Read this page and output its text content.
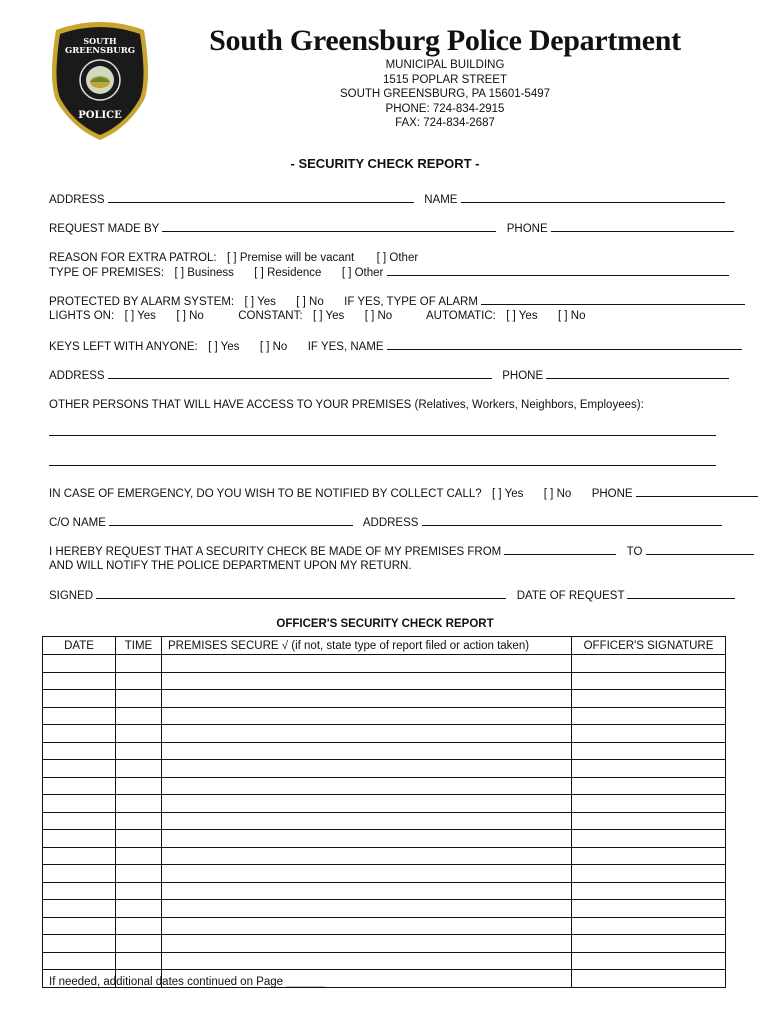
SOUTH
GREENSBURG
POLICE
South Greensburg Police Department
MUNICIPAL BUILDING
1515 POPLAR STREET
SOUTH GREENSBURG, PA 15601-5497
PHONE: 724-834-2915
FAX: 724-834-2687
- SECURITY CHECK REPORT -
ADDRESS	NAME
REQUEST MADE BY	PHONE
REASON FOR EXTRA PATROL: [ ] Premise will be vacant [ ] Other
TYPE OF PREMISES: [ ] Business [ ] Residence [ ] Other
PROTECTED BY ALARM SYSTEM: [ ] Yes [ ] No IF YES, TYPE OF ALARM
LIGHTS ON: [ ] Yes [ ] No	CONSTANT: [ ] Yes [ ] No	AUTOMATIC: [ ] Yes [ ] No
KEYS LEFT WITH ANYONE: [ ] Yes [ ] No IF YES, NAME
ADDRESS	PHONE
OTHER PERSONS THAT WILL HAVE ACCESS TO YOUR PREMISES (Relatives, Workers, Neighbors, Employees):
IN CASE OF EMERGENCY, DO YOU WISH TO BE NOTIFIED BY COLLECT CALL? [ ] Yes [ ] No PHONE
C/O NAME	ADDRESS
I HEREBY REQUEST THAT A SECURITY CHECK BE MADE OF MY PREMISES FROM	TO
AND WILL NOTIFY THE POLICE DEPARTMENT UPON MY RETURN.
SIGNED	DATE OF REQUEST
OFFICER'S SECURITY CHECK REPORT
DATE	TIME	PREMISES SECURE √ (if not, state type of report filed or action taken)	OFFICER'S SIGNATURE

If needed, additional dates continued on Page ______
